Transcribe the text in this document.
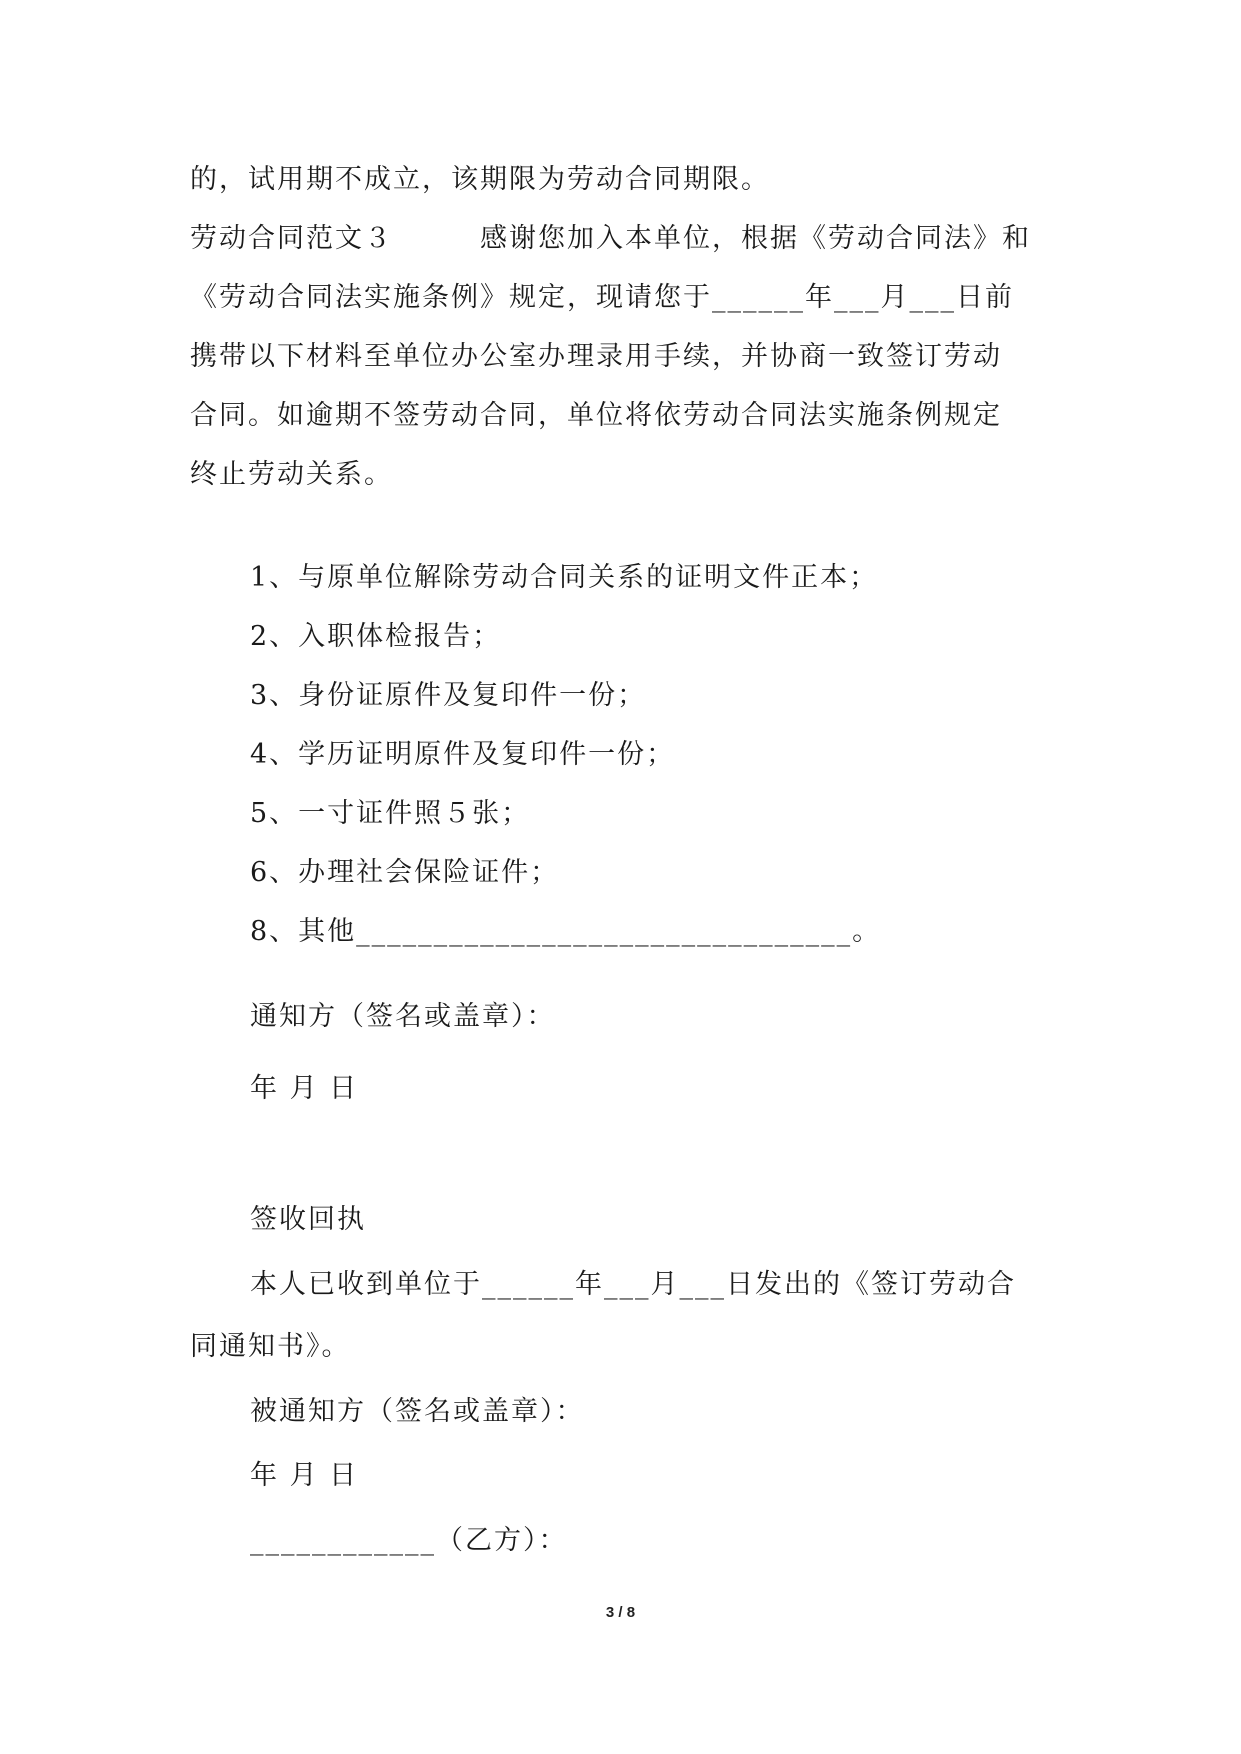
的，试用期不成立，该期限为劳动合同期限。
劳动合同范文３　　　感谢您加入本单位，根据《劳动合同法》和
《劳动合同法实施条例》规定，现请您于______年___月___日前
携带以下材料至单位办公室办理录用手续，并协商一致签订劳动
合同。如逾期不签劳动合同，单位将依劳动合同法实施条例规定
终止劳动关系。
1、与原单位解除劳动合同关系的证明文件正本；
2、入职体检报告；
3、身份证原件及复印件一份；
4、学历证明原件及复印件一份；
5、一寸证件照５张；
6、办理社会保险证件；
8、其他________________________________。
通知方（签名或盖章）：
年 月 日
签收回执
本人已收到单位于______年___月___日发出的《签订劳动合
同通知书》。
被通知方（签名或盖章）：
年 月 日
____________（乙方）：
3 / 8
